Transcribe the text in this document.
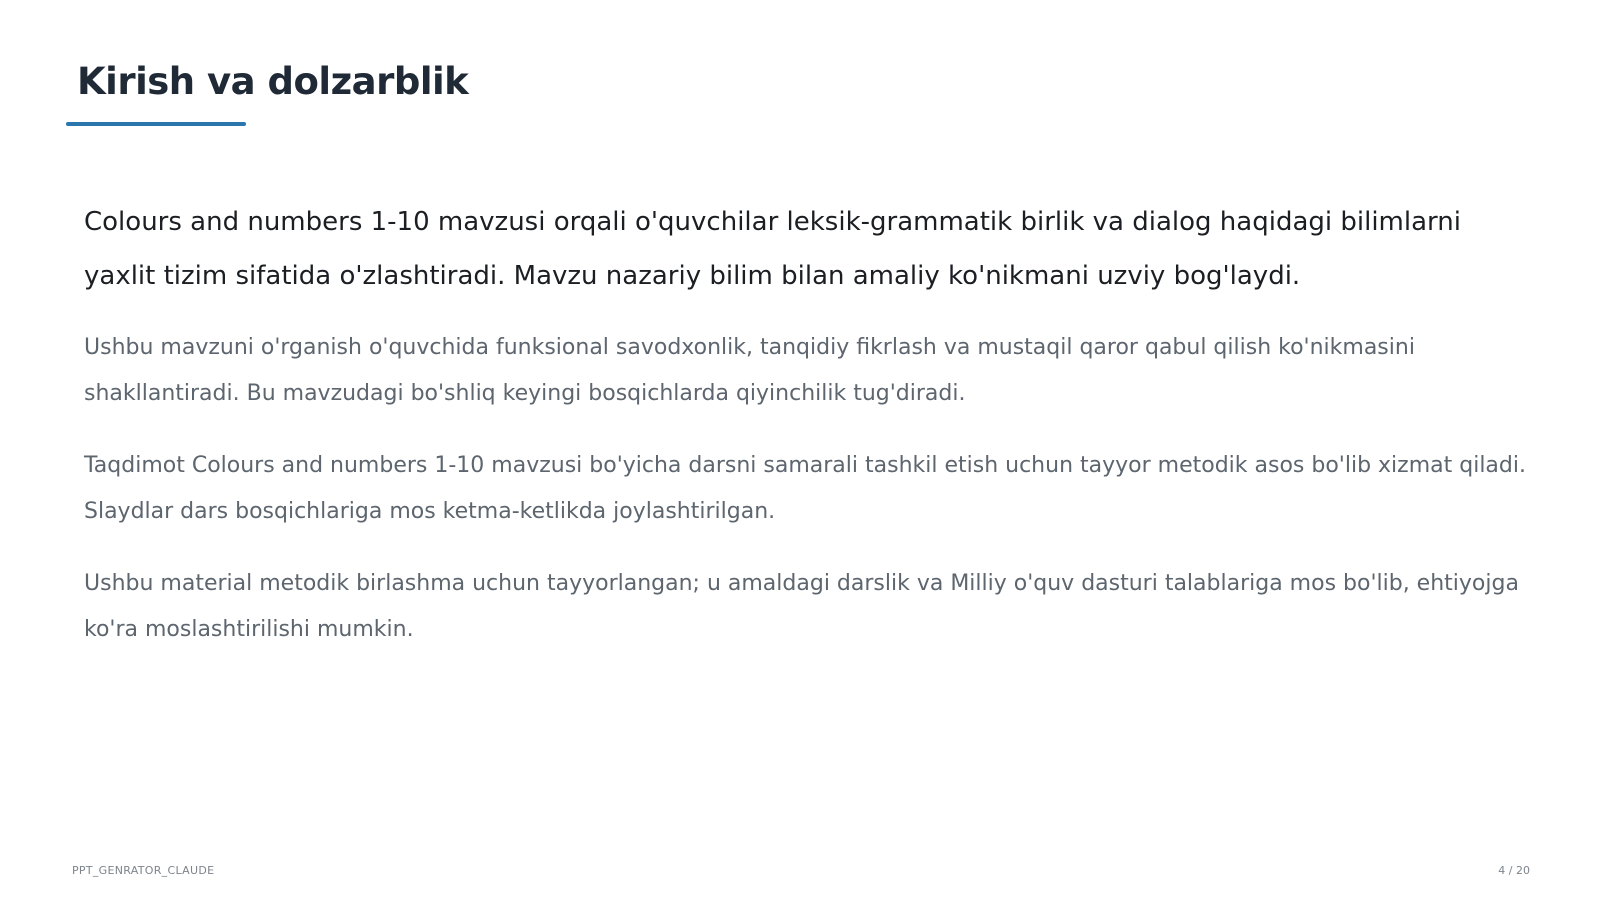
Kirish va dolzarblik

Colours and numbers 1-10 mavzusi orqali o'quvchilar leksik-grammatik birlik va dialog haqidagi bilimlarni yaxlit tizim sifatida o'zlashtiradi. Mavzu nazariy bilim bilan amaliy ko'nikmani uzviy bog'laydi.

Ushbu mavzuni o'rganish o'quvchida funksional savodxonlik, tanqidiy fikrlash va mustaqil qaror qabul qilish ko'nikmasini shakllantiradi. Bu mavzudagi bo'shliq keyingi bosqichlarda qiyinchilik tug'diradi.

Taqdimot Colours and numbers 1-10 mavzusi bo'yicha darsni samarali tashkil etish uchun tayyor metodik asos bo'lib xizmat qiladi. Slaydlar dars bosqichlariga mos ketma-ketlikda joylashtirilgan.

Ushbu material metodik birlashma uchun tayyorlangan; u amaldagi darslik va Milliy o'quv dasturi talablariga mos bo'lib, ehtiyojga ko'ra moslashtirilishi mumkin.

PPT_GENRATOR_CLAUDE	4 / 20
